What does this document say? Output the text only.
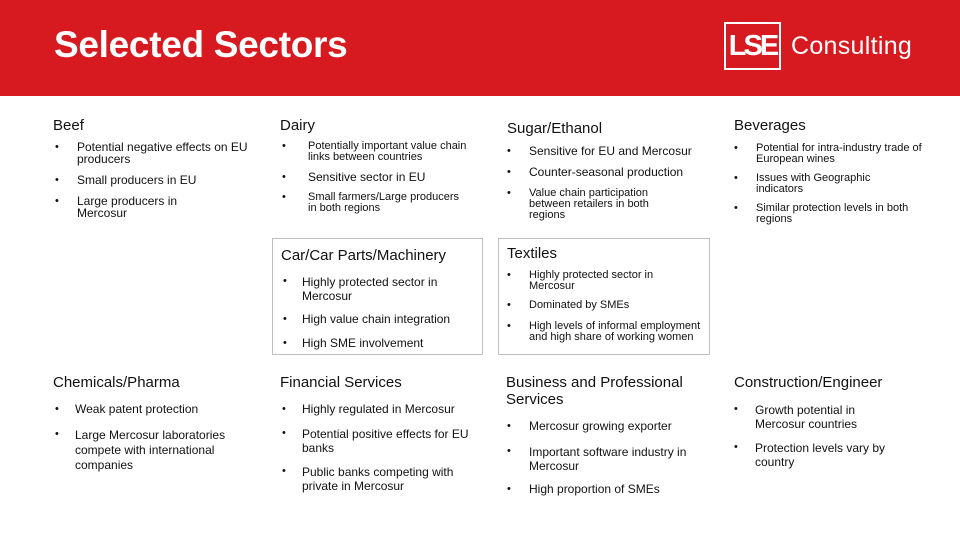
Selected Sectors	LSE Consulting
Beef
• Potential negative effects on EU producers
• Small producers in EU
• Large producers in Mercosur
Dairy
• Potentially important value chain links between countries
• Sensitive sector in EU
• Small farmers/Large producers in both regions
Sugar/Ethanol
• Sensitive for EU and Mercosur
• Counter-seasonal production
• Value chain participation between retailers in both regions
Beverages
• Potential for intra-industry trade of European wines
• Issues with Geographic indicators
• Similar protection levels in both regions
Car/Car Parts/Machinery
• Highly protected sector in Mercosur
• High value chain integration
• High SME involvement
Textiles
• Highly protected sector in Mercosur
• Dominated by SMEs
• High levels of informal employment and high share of working women
Chemicals/Pharma
• Weak patent protection
• Large Mercosur laboratories compete with international companies
Financial Services
• Highly regulated in Mercosur
• Potential positive effects for EU banks
• Public banks competing with private in Mercosur
Business and Professional Services
• Mercosur growing exporter
• Important software industry in Mercosur
• High proportion of SMEs
Construction/Engineer
• Growth potential in Mercosur countries
• Protection levels vary by country
